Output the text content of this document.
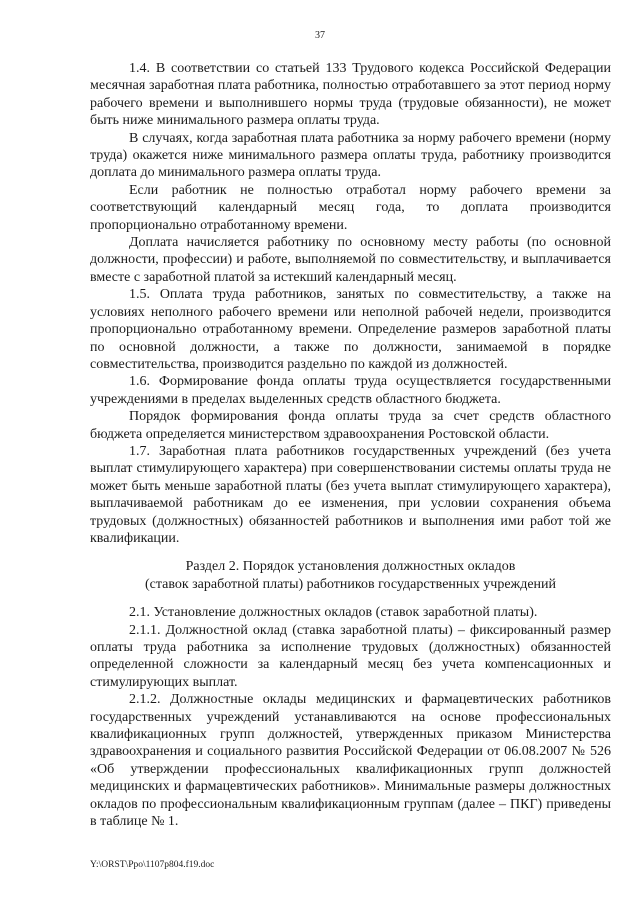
37

1.4. В соответствии со статьей 133 Трудового кодекса Российской Федерации месячная заработная плата работника, полностью отработавшего за этот период норму рабочего времени и выполнившего нормы труда (трудовые обязанности), не может быть ниже минимального размера оплаты труда.

В случаях, когда заработная плата работника за норму рабочего времени (норму труда) окажется ниже минимального размера оплаты труда, работнику производится доплата до минимального размера оплаты труда.

Если работник не полностью отработал норму рабочего времени за соответствующий календарный месяц года, то доплата производится пропорционально отработанному времени.

Доплата начисляется работнику по основному месту работы (по основной должности, профессии) и работе, выполняемой по совместительству, и выплачивается вместе с заработной платой за истекший календарный месяц.

1.5. Оплата труда работников, занятых по совместительству, а также на условиях неполного рабочего времени или неполной рабочей недели, производится пропорционально отработанному времени. Определение размеров заработной платы по основной должности, а также по должности, занимаемой в порядке совместительства, производится раздельно по каждой из должностей.

1.6. Формирование фонда оплаты труда осуществляется государственными учреждениями в пределах выделенных средств областного бюджета.

Порядок формирования фонда оплаты труда за счет средств областного бюджета определяется министерством здравоохранения Ростовской области.

1.7. Заработная плата работников государственных учреждений (без учета выплат стимулирующего характера) при совершенствовании системы оплаты труда не может быть меньше заработной платы (без учета выплат стимулирующего характера), выплачиваемой работникам до ее изменения, при условии сохранения объема трудовых (должностных) обязанностей работников и выполнения ими работ той же квалификации.

Раздел 2. Порядок установления должностных окладов
(ставок заработной платы) работников государственных учреждений

2.1. Установление должностных окладов (ставок заработной платы).

2.1.1. Должностной оклад (ставка заработной платы) – фиксированный размер оплаты труда работника за исполнение трудовых (должностных) обязанностей определенной сложности за календарный месяц без учета компенсационных и стимулирующих выплат.

2.1.2. Должностные оклады медицинских и фармацевтических работников государственных учреждений устанавливаются на основе профессиональных квалификационных групп должностей, утвержденных приказом Министерства здравоохранения и социального развития Российской Федерации от 06.08.2007 № 526 «Об утверждении профессиональных квалификационных групп должностей медицинских и фармацевтических работников». Минимальные размеры должностных окладов по профессиональным квалификационным группам (далее – ПКГ) приведены в таблице № 1.

Y:\ORST\Ppo\1107p804.f19.doc
